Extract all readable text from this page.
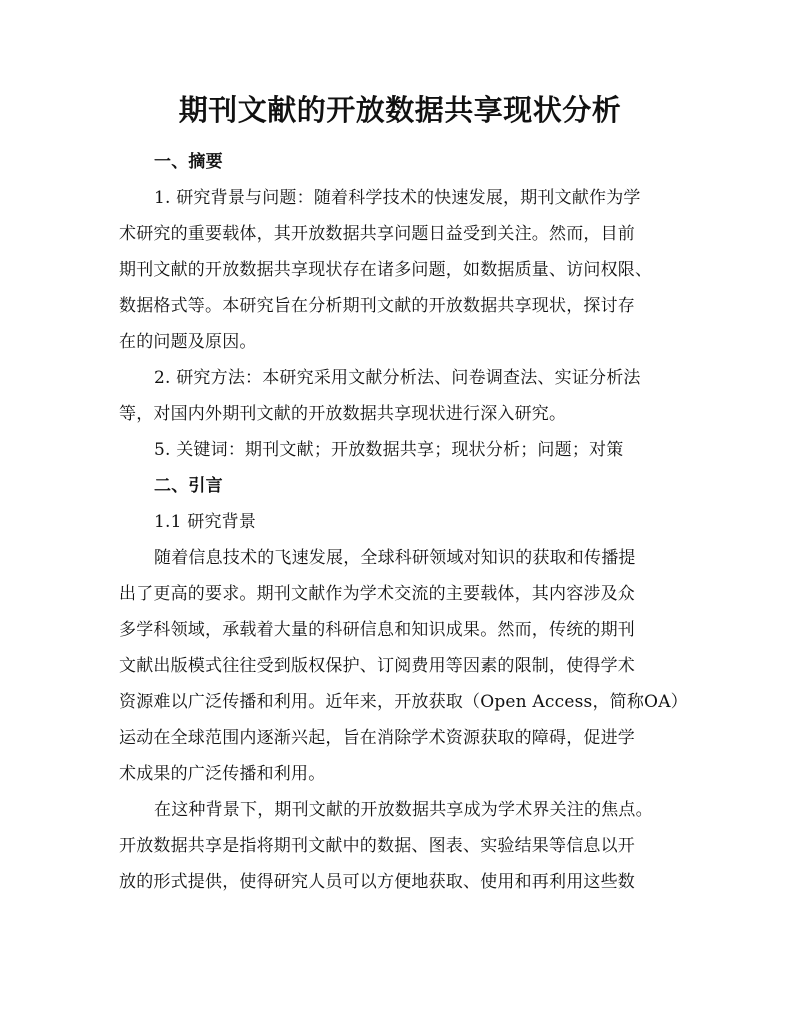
期刊文献的开放数据共享现状分析
一、摘要
1. 研究背景与问题：随着科学技术的快速发展，期刊文献作为学
术研究的重要载体，其开放数据共享问题日益受到关注。然而，目前
期刊文献的开放数据共享现状存在诸多问题，如数据质量、访问权限、
数据格式等。本研究旨在分析期刊文献的开放数据共享现状，探讨存
在的问题及原因。
2. 研究方法：本研究采用文献分析法、问卷调查法、实证分析法
等，对国内外期刊文献的开放数据共享现状进行深入研究。
5. 关键词：期刊文献；开放数据共享；现状分析；问题；对策
二、引言
1.1 研究背景
随着信息技术的飞速发展，全球科研领域对知识的获取和传播提
出了更高的要求。期刊文献作为学术交流的主要载体，其内容涉及众
多学科领域，承载着大量的科研信息和知识成果。然而，传统的期刊
文献出版模式往往受到版权保护、订阅费用等因素的限制，使得学术
资源难以广泛传播和利用。近年来，开放获取（Open Access，简称OA）
运动在全球范围内逐渐兴起，旨在消除学术资源获取的障碍，促进学
术成果的广泛传播和利用。
在这种背景下，期刊文献的开放数据共享成为学术界关注的焦点。
开放数据共享是指将期刊文献中的数据、图表、实验结果等信息以开
放的形式提供，使得研究人员可以方便地获取、使用和再利用这些数
